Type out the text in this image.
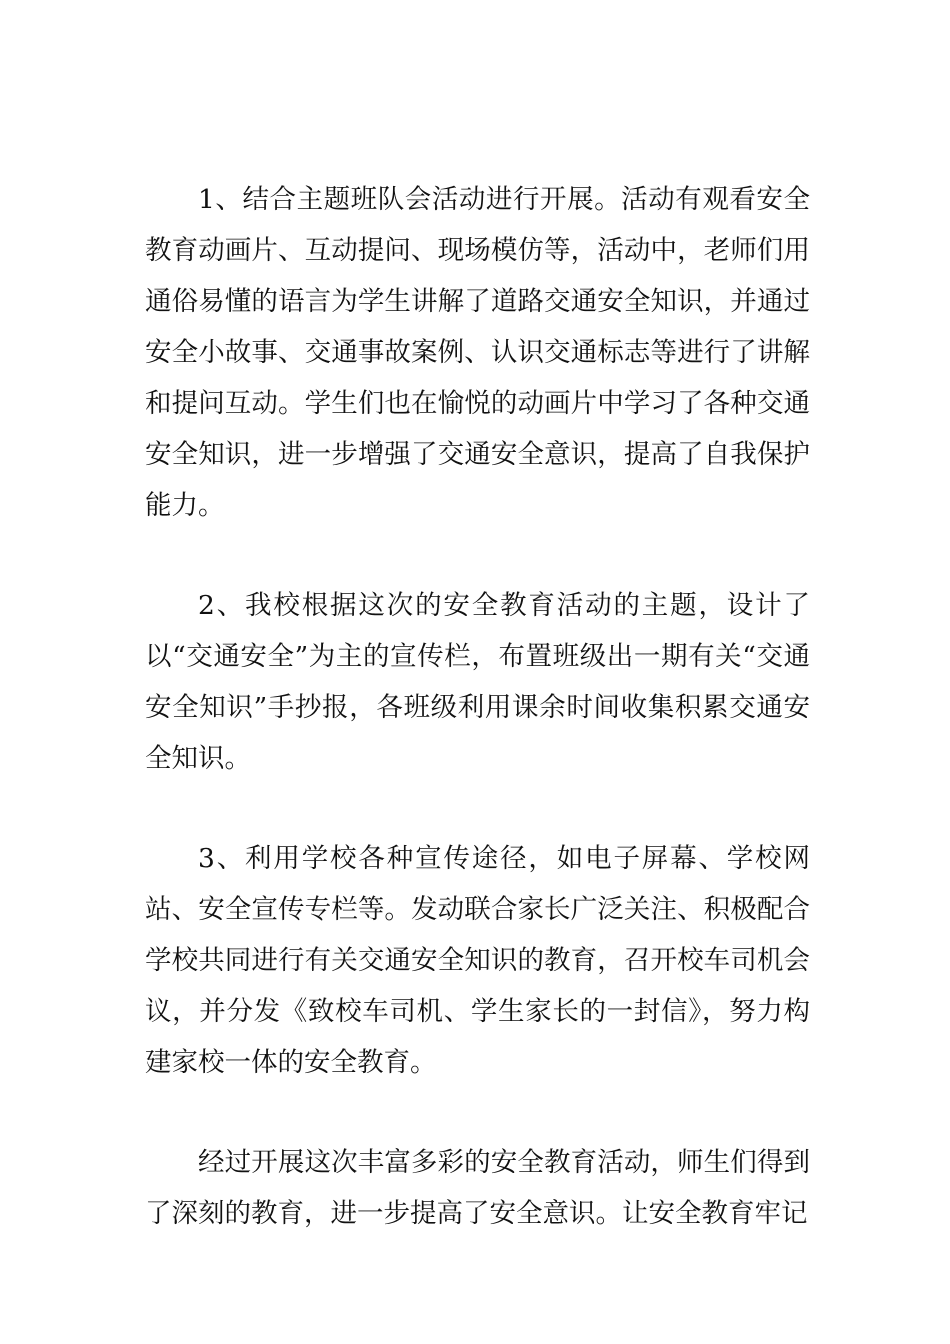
1、结合主题班队会活动进行开展。活动有观看安全教育动画片、互动提问、现场模仿等，活动中，老师们用通俗易懂的语言为学生讲解了道路交通安全知识，并通过安全小故事、交通事故案例、认识交通标志等进行了讲解和提问互动。学生们也在愉悦的动画片中学习了各种交通安全知识，进一步增强了交通安全意识，提高了自我保护能力。

2、我校根据这次的安全教育活动的主题，设计了以“交通安全”为主的宣传栏，布置班级出一期有关“交通安全知识”手抄报，各班级利用课余时间收集积累交通安全知识。

3、利用学校各种宣传途径，如电子屏幕、学校网站、安全宣传专栏等。发动联合家长广泛关注、积极配合学校共同进行有关交通安全知识的教育，召开校车司机会议，并分发《致校车司机、学生家长的一封信》，努力构建家校一体的安全教育。

经过开展这次丰富多彩的安全教育活动，师生们得到了深刻的教育，进一步提高了安全意识。让安全教育牢记
